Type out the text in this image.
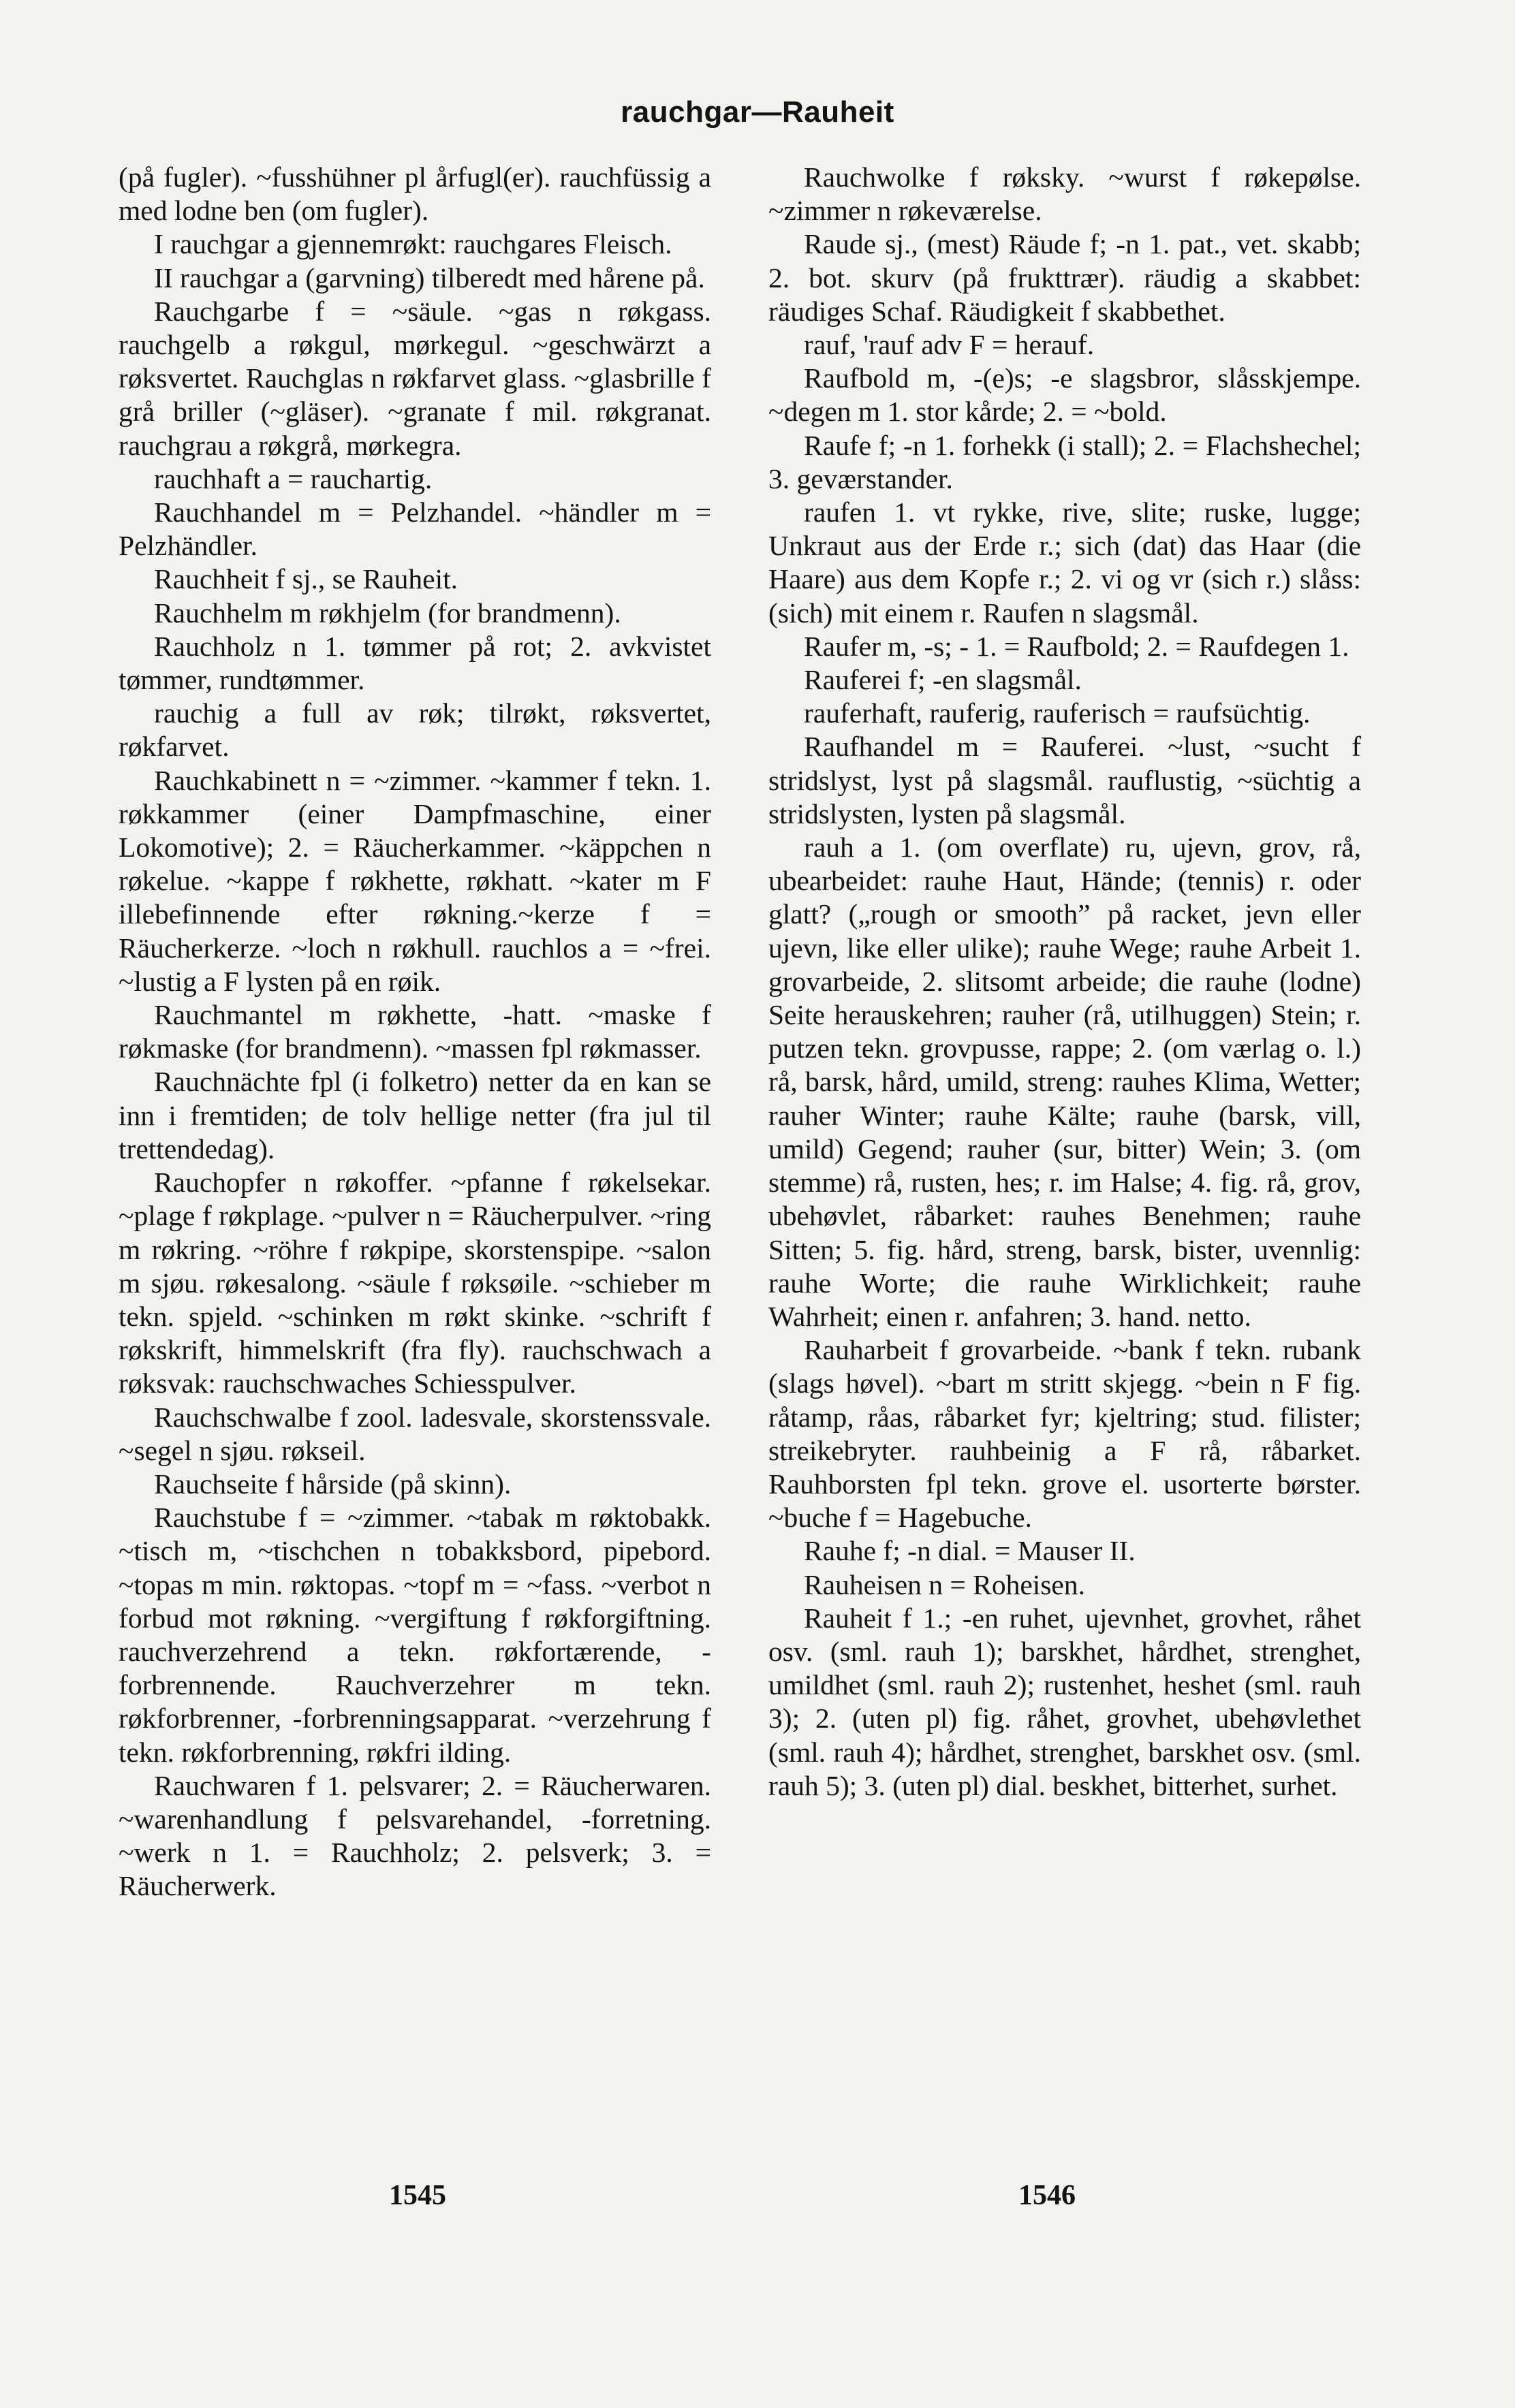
rauchgar—Rauheit

(på fugler). ~fusshühner pl årfugl(er). rauchfüssig a med lodne ben (om fugler).

I rauchgar a gjennemrøkt: rauchgares Fleisch.

II rauchgar a (garvning) tilberedt med hårene på.

Rauchgarbe f = ~säule. ~gas n røkgass. rauchgelb a røkgul, mørkegul. ~geschwärzt a røksvertet. Rauchglas n røkfarvet glass. ~glasbrille f grå briller (~gläser). ~granate f mil. røkgranat. rauchgrau a røkgrå, mørkegra.

rauchhaft a = rauchartig.

Rauchhandel m = Pelzhandel. ~händler m = Pelzhändler.

Rauchheit f sj., se Rauheit.

Rauchhelm m røkhjelm (for brandmenn).

Rauchholz n 1. tømmer på rot; 2. avkvistet tømmer, rundtømmer.

rauchig a full av røk; tilrøkt, røksvertet, røkfarvet.

Rauchkabinett n = ~zimmer. ~kammer f tekn. 1. røkkammer (einer Dampfmaschine, einer Lokomotive); 2. = Räucherkammer. ~käppchen n røkelue. ~kappe f røkhette, røkhatt. ~kater m F illebefinnende efter røkning.~kerze f = Räucherkerze. ~loch n røkhull. rauchlos a = ~frei. ~lustig a F lysten på en røik.

Rauchmantel m røkhette, -hatt. ~maske f røkmaske (for brandmenn). ~massen fpl røkmasser.

Rauchnächte fpl (i folketro) netter da en kan se inn i fremtiden; de tolv hellige netter (fra jul til trettendedag).

Rauchopfer n røkoffer. ~pfanne f røkelsekar. ~plage f røkplage. ~pulver n = Räucherpulver. ~ring m røkring. ~röhre f røkpipe, skorstenspipe. ~salon m sjøu. røkesalong. ~säule f røksøile. ~schieber m tekn. spjeld. ~schinken m røkt skinke. ~schrift f røkskrift, himmelskrift (fra fly). rauchschwach a røksvak: rauchschwaches Schiesspulver.

Rauchschwalbe f zool. ladesvale, skorstenssvale. ~segel n sjøu. røkseil.

Rauchseite f hårside (på skinn).

Rauchstube f = ~zimmer. ~tabak m røktobakk. ~tisch m, ~tischchen n tobakksbord, pipebord. ~topas m min. røktopas. ~topf m = ~fass. ~verbot n forbud mot røkning. ~vergiftung f røkforgiftning. rauchverzehrend a tekn. røkfortærende, -forbrennende. Rauchverzehrer m tekn. røkforbrenner, -forbrenningsapparat. ~verzehrung f tekn. røkforbrenning, røkfri ilding.

Rauchwaren f 1. pelsvarer; 2. = Räucherwaren. ~warenhandlung f pelsvarehandel, -forretning. ~werk n 1. = Rauchholz; 2. pelsverk; 3. = Räucherwerk.

Rauchwolke f røksky. ~wurst f røkepølse. ~zimmer n røkeværelse.

Raude sj., (mest) Räude f; -n 1. pat., vet. skabb; 2. bot. skurv (på frukttrær). räudig a skabbet: räudiges Schaf. Räudigkeit f skabbethet.

rauf, 'rauf adv F = herauf.

Raufbold m, -(e)s; -e slagsbror, slåsskjempe. ~degen m 1. stor kårde; 2. = ~bold.

Raufe f; -n 1. forhekk (i stall); 2. = Flachshechel; 3. geværstander.

raufen 1. vt rykke, rive, slite; ruske, lugge; Unkraut aus der Erde r.; sich (dat) das Haar (die Haare) aus dem Kopfe r.; 2. vi og vr (sich r.) slåss: (sich) mit einem r. Raufen n slagsmål.

Raufer m, -s; - 1. = Raufbold; 2. = Raufdegen 1.

Rauferei f; -en slagsmål.

rauferhaft, rauferig, rauferisch = raufsüchtig.

Raufhandel m = Rauferei. ~lust, ~sucht f stridslyst, lyst på slagsmål. rauflustig, ~süchtig a stridslysten, lysten på slagsmål.

rauh a 1. (om overflate) ru, ujevn, grov, rå, ubearbeidet: rauhe Haut, Hände; (tennis) r. oder glatt? („rough or smooth” på racket, jevn eller ujevn, like eller ulike); rauhe Wege; rauhe Arbeit 1. grovarbeide, 2. slitsomt arbeide; die rauhe (lodne) Seite herauskehren; rauher (rå, utilhuggen) Stein; r. putzen tekn. grovpusse, rappe; 2. (om værlag o. l.) rå, barsk, hård, umild, streng: rauhes Klima, Wetter; rauher Winter; rauhe Kälte; rauhe (barsk, vill, umild) Gegend; rauher (sur, bitter) Wein; 3. (om stemme) rå, rusten, hes; r. im Halse; 4. fig. rå, grov, ubehøvlet, råbarket: rauhes Benehmen; rauhe Sitten; 5. fig. hård, streng, barsk, bister, uvennlig: rauhe Worte; die rauhe Wirklichkeit; rauhe Wahrheit; einen r. anfahren; 3. hand. netto.

Rauharbeit f grovarbeide. ~bank f tekn. rubank (slags høvel). ~bart m stritt skjegg. ~bein n F fig. råtamp, råas, råbarket fyr; kjeltring; stud. filister; streikebryter. rauhbeinig a F rå, råbarket. Rauhborsten fpl tekn. grove el. usorterte børster. ~buche f = Hagebuche.

Rauhe f; -n dial. = Mauser II.

Rauheisen n = Roheisen.

Rauheit f 1.; -en ruhet, ujevnhet, grovhet, råhet osv. (sml. rauh 1); barskhet, hårdhet, strenghet, umildhet (sml. rauh 2); rustenhet, heshet (sml. rauh 3); 2. (uten pl) fig. råhet, grovhet, ubehøvlethet (sml. rauh 4); hårdhet, strenghet, barskhet osv. (sml. rauh 5); 3. (uten pl) dial. beskhet, bitterhet, surhet.

1545	1546
